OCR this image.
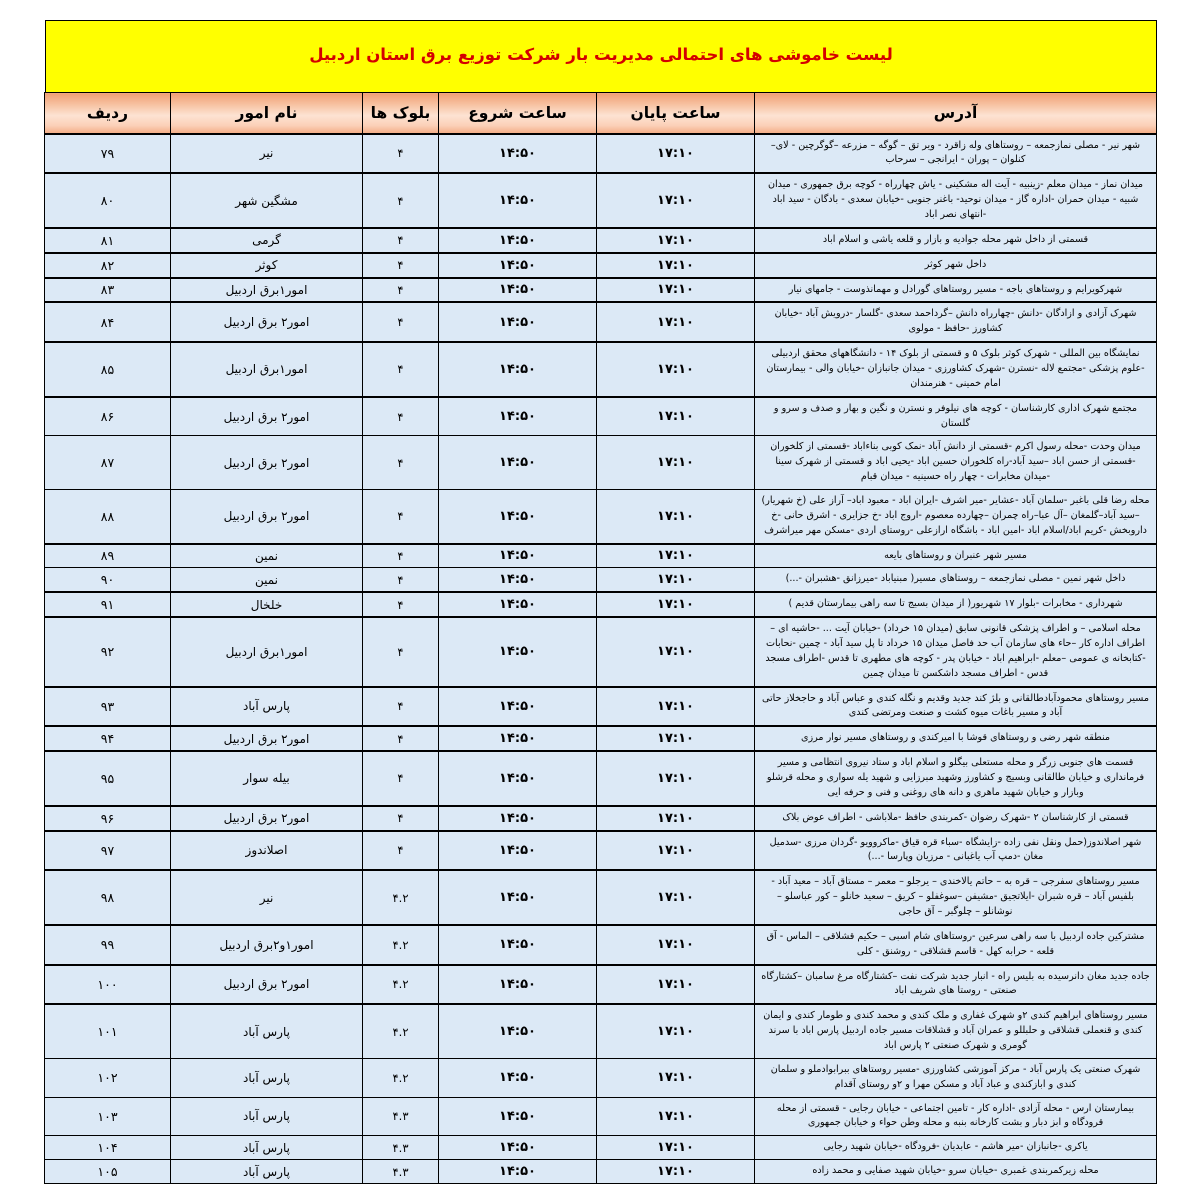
لیست خاموشی های احتمالی مدیریت بار شرکت توزیع برق استان اردبیل
آدرس	ساعت پایان	ساعت شروع	بلوک ها	نام امور	ردیف
شهر نیر - مصلی نمازجمعه – روستاهای وله زاقرد - ویر تق – گوگه – مزرعه –گوگرچین - لای– کنلوان – پوران - ایرانجی – سرحاب	۱۷:۱۰	۱۴:۵۰	۴	نیر	۷۹
میدان نماز - میدان معلم -زینبیه - آیت اله مشکینی - یاش چهارراه - کوچه برق جمهوری - میدان شبیه - میدان حمران -اداره گاز - میدان نوحید- باغنر جنوبی -خیابان سعدی - بادگان - سید اباد -انتهای نصر اباد	۱۷:۱۰	۱۴:۵۰	۴	مشگین شهر	۸۰
قسمتی از داخل شهر محله جوادیه و بازار و قلعه یاشی و اسلام اباد	۱۷:۱۰	۱۴:۵۰	۴	گرمی	۸۱
داخل شهر کوثر	۱۷:۱۰	۱۴:۵۰	۴	کوثر	۸۲
شهرکویرایم و روستاهای باجه - مسیر روستاهای گورادل و مهمانذوست - جامهای نیار	۱۷:۱۰	۱۴:۵۰	۴	امور۱برق اردبیل	۸۳
شهرک آزادی و ازادگان -دانش -چهارراه دانش –گرداحمد سعدی -گلسار -درویش آباد -خیابان کشاورز -حافظ - مولوی	۱۷:۱۰	۱۴:۵۰	۴	امور۲ برق اردبیل	۸۴
نمایشگاه بین المللی - شهرک کوثر بلوک ۵ و قسمتی از بلوک ۱۴ - دانشگاههای محقق اردبیلی -علوم پزشکی -مجتمع لاله -نسترن -شهرک کشاورزی - میدان جانبازان -خیابان والی - بیمارستان امام خمینی - هنرمندان	۱۷:۱۰	۱۴:۵۰	۴	امور۱برق اردبیل	۸۵
مجتمع شهرک اداری کارشناسان - کوچه های نیلوفر و نسترن و نگین و بهار و صدف و سرو و گلستان	۱۷:۱۰	۱۴:۵۰	۴	امور۲ برق اردبیل	۸۶
میدان وحدت -محله رسول اکرم -قسمتی از دانش آباد -نمک کوبی بناءاباد -قسمتی از کلخوران -قسمتی از حسن اباد –سید آباد-راه کلخوران حسین اباد -یحیی اباد و قسمتی از شهرک سینا -میدان مخابرات - چهار راه حسینیه - میدان قبام	۱۷:۱۰	۱۴:۵۰	۴	امور۲ برق اردبیل	۸۷
محله رضا قلی باغبر -سلمان آباد -عشایر -میر اشرف -ایران اباد - معبود اباد– آراز علی (خ شهریار) –سید آباد–گلمغان –آل عبا–راه چمران –چهارده معصوم -اروج اباد -خ جزایری - اشرق حانی -خ داروبخش -کریم اباد/اسلام اباد -امین اباد - باشگاه ارازعلی -روستای اردی -مسکن مهر میراشرف	۱۷:۱۰	۱۴:۵۰	۴	امور۲ برق اردبیل	۸۸
مسیر شهر عنبران و روستاهای بایعه	۱۷:۱۰	۱۴:۵۰	۴	نمین	۸۹
داخل شهر نمین - مصلی نمازجمعه – روستاهای مسیر( مبنیاباد -میرزانق -هشبران -...)	۱۷:۱۰	۱۴:۵۰	۴	نمین	۹۰
شهرداری - مخابرات -بلوار ۱۷ شهریور( از میدان بسیج تا سه راهی بیمارستان قدیم )	۱۷:۱۰	۱۴:۵۰	۴	خلخال	۹۱
محله اسلامی – و اطراف پزشکی قانونی سابق (میدان ۱۵ خرداد) -خیابان آیت ... -حاشیه ای –اطراف اداره کار –حاء های سازمان آب حد فاصل میدان ۱۵ خرداد تا پل سید آباد - چمین -نحابات -کتابخانه ی عمومی –معلم -ابراهیم اباد - خیابان پدر - کوچه های مطهری تا قدس -اطراف مسجد قدس - اطراف مسجد داشکسن تا میدان چمین	۱۷:۱۰	۱۴:۵۰	۴	امور۱برق اردبیل	۹۲
مسیر روستاهای محمودآبادطالقانی و بلژ کند جدید وقدیم و نگله کندی و عباس آباد و حاجخلاز حاتی آباد و مسیر باغات میوه کشت و صنعت ومرتضی کندی	۱۷:۱۰	۱۴:۵۰	۴	پارس آباد	۹۳
منطقه شهر رضی و روستاهای قوشا با امیرکندی و روستاهای مسیر نوار مرزی	۱۷:۱۰	۱۴:۵۰	۴	امور۲ برق اردبیل	۹۴
قسمت های جنوبی زرگر و محله مستعلی بیگلو و اسلام اباد و ستاد نیروی انتظامی و مسیر فرمانداری و خیابان طالقانی وبسیج و کشاورز وشهید مبرزایی و شهید یله سواری و محله قرشلو وبازار و خیابان شهید ماهری و دانه های روغنی و فنی و حرفه ایی	۱۷:۱۰	۱۴:۵۰	۴	بیله سوار	۹۵
قسمتی از کارشناسان ۲ -شهرک رضوان -کمربندی حافظ -ملاباشی - اطراف عوض بلاک	۱۷:۱۰	۱۴:۵۰	۴	امور۲ برق اردبیل	۹۶
شهر اصلاندوز(حمل ونقل نفی زاده -زایشگاه -سباء قره قیاق -ماکروویو -گردان مرزی -سدمیل مغان -دمپ آب یاغبانی - مرزیان وپارسا -...)	۱۷:۱۰	۱۴:۵۰	۴	اصلاندوز	۹۷
مسیر روستاهای سفرجی – قره به – حاتم یالاخندی – یرجلو – معمر – مستاق آباد – معید آباد - بلفیس آباد – قره شبران -ایلاتجیق -مشیفن –سوغفلو – کریق – سعید خانلو – کور عباسلو – نوشانلو – چلوگبر – آق حاجی	۱۷:۱۰	۱۴:۵۰	۴.۲	نیر	۹۸
مشترکین جاده اردبیل با سه راهی سرعین -روستاهای شام اسبی – حکیم قشلاقی – الماس - آق قلعه - حرابه کهل - قاسم قشلاقی - روشنق - کلی	۱۷:۱۰	۱۴:۵۰	۴.۲	امور۱و۲برق اردبیل	۹۹
جاده جدید مغان دانرسیده به بلیس راه - انبار جدید شرکت نفت –کشتارگاه مرغ سامبان –کشتارگاه صنعتی - روستا های شریف اباد	۱۷:۱۰	۱۴:۵۰	۴.۲	امور۲ برق اردبیل	۱۰۰
مسیر روستاهای ابراهیم کندی ۲و شهرک غفاری و ملک کندی و محمد کندی و طومار کندی و ایمان کندی و قنعملی قشلاقی و حلبللو و عمران آباد و قشلاقات مسیر جاده اردبیل پارس اباد با سرند گومری و شهرک صنعتی ۲ پارس اباد	۱۷:۱۰	۱۴:۵۰	۴.۲	پارس آباد	۱۰۱
شهرک صنعتی یک پارس آباد - مرکز آموزشی کشاورزی -مسیر روستاهای ببرابوادملو و سلمان کندی و ابازکندی و عباد آباد و مسکن مهرا و ۲و روستای آقدام	۱۷:۱۰	۱۴:۵۰	۴.۲	پارس آباد	۱۰۲
بیمارستان ارس - محله آزادی -اداره کار - تامین اجتماعی - خیابان رجایی - قسمتی از محله قرودگاه و ابز دبار و بشت کارخانه بنبه و محله وطن حواء و خیابان جمهوری	۱۷:۱۰	۱۴:۵۰	۴.۳	پارس آباد	۱۰۳
یاکری -جانبازان -میر هاشم - عابدیان -فرودگاه -خیابان شهید رجایی	۱۷:۱۰	۱۴:۵۰	۴.۳	پارس آباد	۱۰۴
محله زیرکمربندی غمبری -خیابان سرو -خیابان شهید صفایی و محمد زاده	۱۷:۱۰	۱۴:۵۰	۴.۳	پارس آباد	۱۰۵
